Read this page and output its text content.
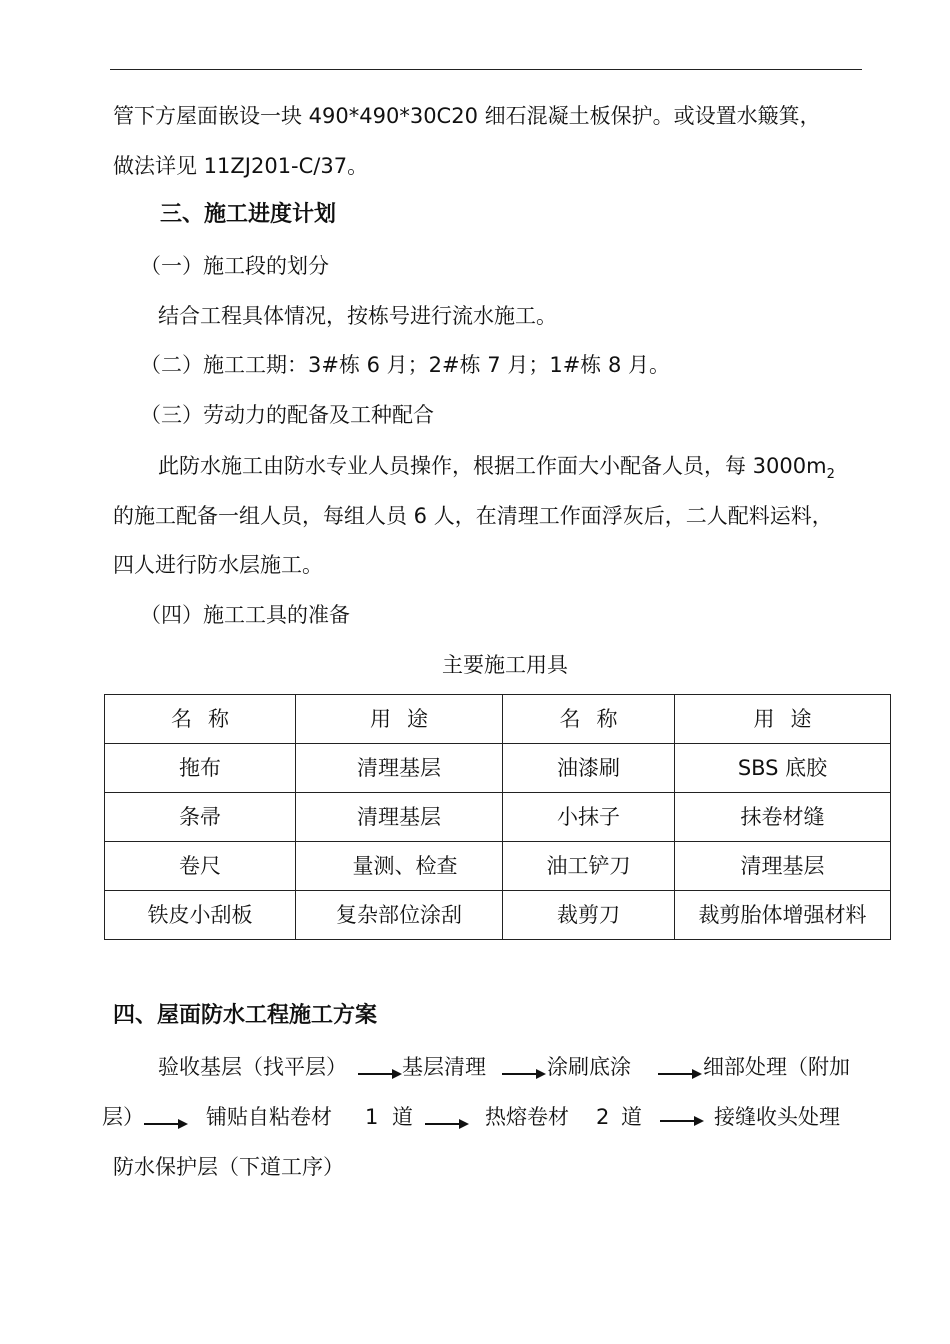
管下方屋面嵌设一块 490*490*30C20 细石混凝土板保护。或设置水簸箕，
做法详见 11ZJ201-C/37。
三、施工进度计划
（一）施工段的划分
结合工程具体情况，按栋号进行流水施工。
（二）施工工期：3#栋 6 月；2#栋 7 月；1#栋 8 月。
（三）劳动力的配备及工种配合
此防水施工由防水专业人员操作，根据工作面大小配备人员，每 $3000m_2$
的施工配备一组人员，每组人员 6 人，在清理工作面浮灰后，二人配料运料，
四人进行防水层施工。
（四）施工工具的准备
主要施工用具
名称	用途	名称	用途
拖布	清理基层	油漆刷	SBS 底胶
条帚	清理基层	小抹子	抹卷材缝
卷尺	量测、检查	油工铲刀	清理基层
铁皮小刮板	复杂部位涂刮	裁剪刀	裁剪胎体增强材料
四、屋面防水工程施工方案
验收基层（找平层）	基层清理	涂刷底涂	细部处理（附加
层）	铺贴自粘卷材 1 道	热熔卷材 2 道	接缝收头处理
防水保护层（下道工序）
